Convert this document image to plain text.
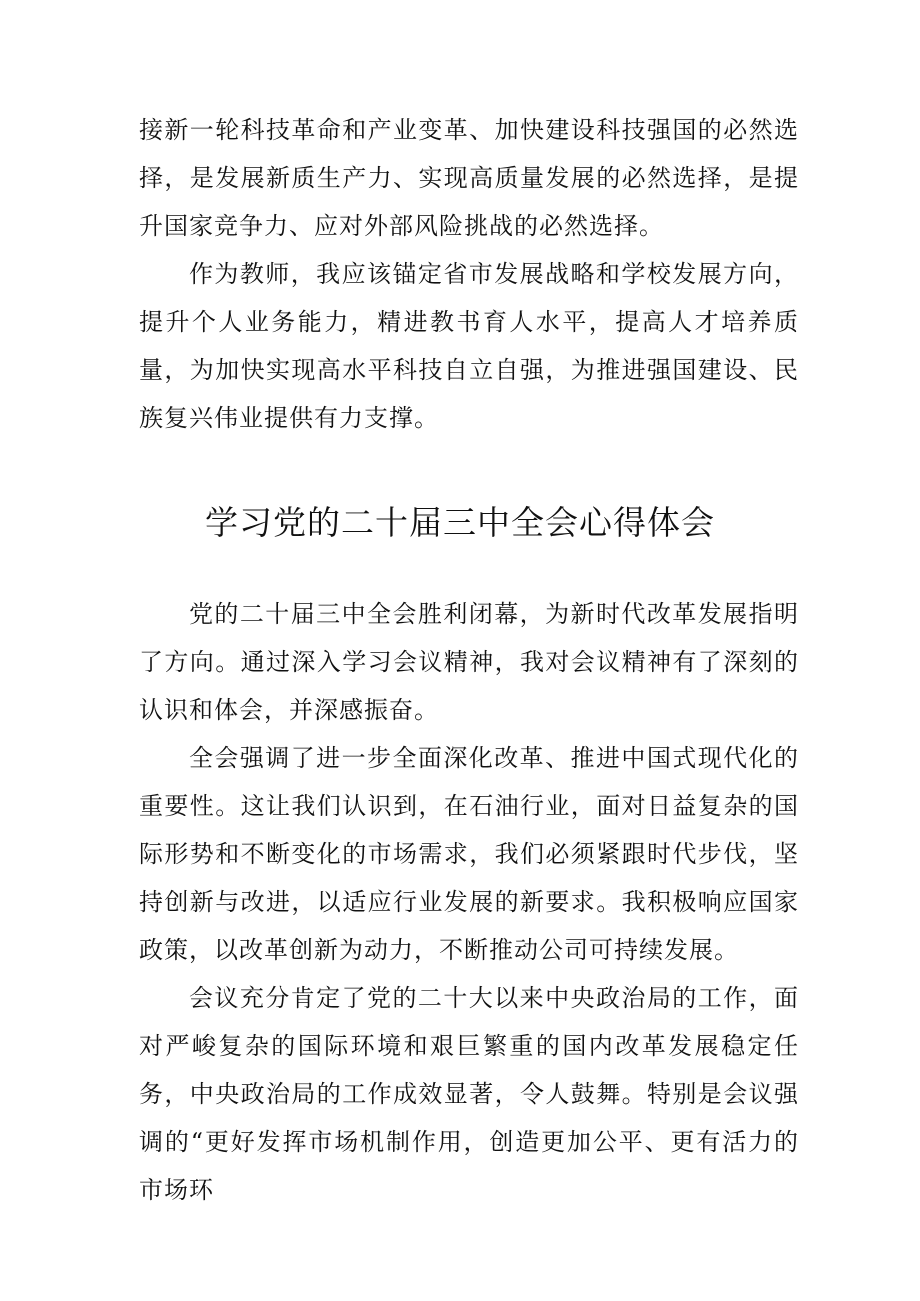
接新一轮科技革命和产业变革、加快建设科技强国的必然选择，是发展新质生产力、实现高质量发展的必然选择，是提升国家竞争力、应对外部风险挑战的必然选择。

作为教师，我应该锚定省市发展战略和学校发展方向，提升个人业务能力，精进教书育人水平，提高人才培养质量，为加快实现高水平科技自立自强，为推进强国建设、民族复兴伟业提供有力支撑。

学习党的二十届三中全会心得体会

党的二十届三中全会胜利闭幕，为新时代改革发展指明了方向。通过深入学习会议精神，我对会议精神有了深刻的认识和体会，并深感振奋。

全会强调了进一步全面深化改革、推进中国式现代化的重要性。这让我们认识到，在石油行业，面对日益复杂的国际形势和不断变化的市场需求，我们必须紧跟时代步伐，坚持创新与改进，以适应行业发展的新要求。我积极响应国家政策，以改革创新为动力，不断推动公司可持续发展。

会议充分肯定了党的二十大以来中央政治局的工作，面对严峻复杂的国际环境和艰巨繁重的国内改革发展稳定任务，中央政治局的工作成效显著，令人鼓舞。特别是会议强调的“更好发挥市场机制作用，创造更加公平、更有活力的市场环
